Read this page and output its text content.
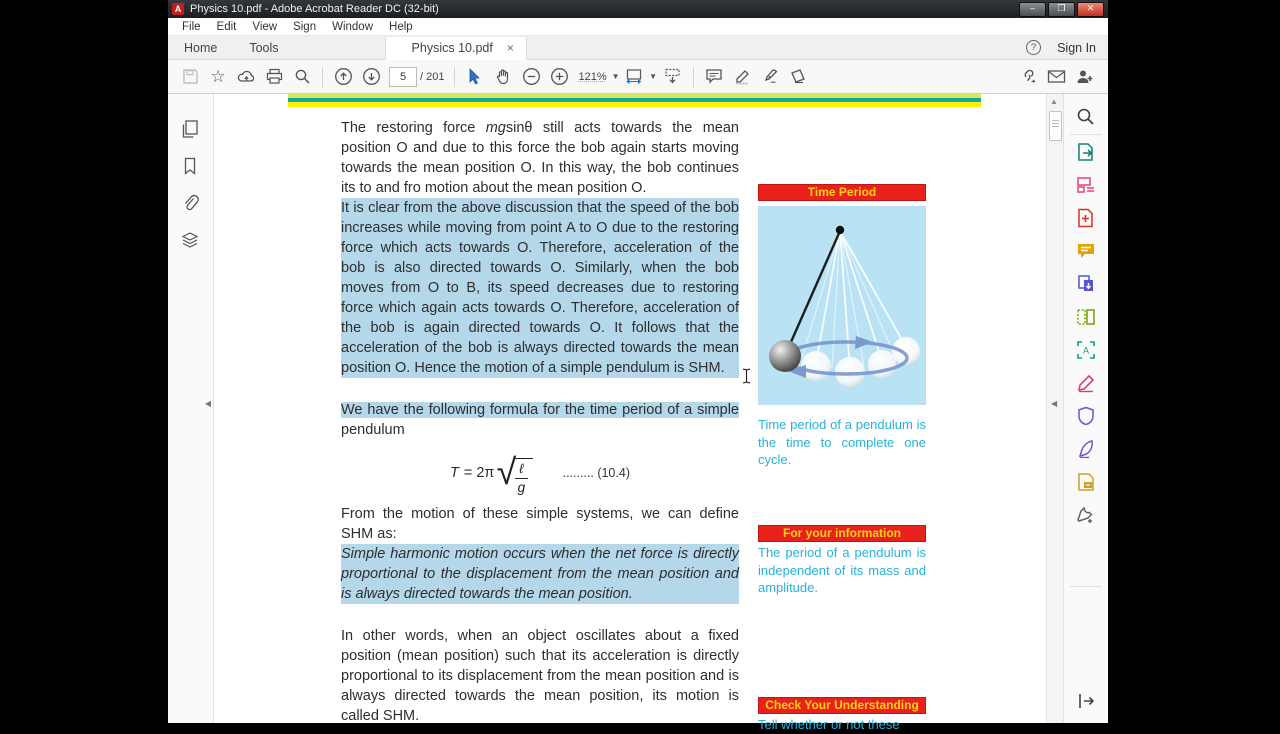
A Physics 10.pdf - Adobe Acrobat Reader DC (32-bit)	–	❐	✕
File	Edit	View	Sign	Window	Help
Home	Tools	Physics 10.pdf ×	?	Sign In
☆
5	/ 201	121% ▼	▼
◀

The restoring force mgsinθ still acts towards the mean position O and due to this force the bob again starts moving towards the mean position O. In this way, the bob continues its to and fro motion about the mean position O.

It is clear from the above discussion that the speed of the bob increases while moving from point A to O due to the restoring force which acts towards O. Therefore, acceleration of the bob is also directed towards O. Similarly, when the bob moves from O to B, its speed decreases due to restoring force which again acts towards O. Therefore, acceleration of the bob is again directed towards O. It follows that the acceleration of the bob is always directed towards the mean position O. Hence the motion of a simple pendulum is SHM.

We have the following formula for the time period of a simple pendulum

T = 2π √ ℓ
g
......... (10.4)

From the motion of these simple systems, we can define SHM as:

Simple harmonic motion occurs when the net force is directly proportional to the displacement from the mean position and is always directed towards the mean position.

In other words, when an object oscillates about a fixed position (mean position) such that its acceleration is directly proportional to its displacement from the mean position and is always directed towards the mean position, its motion is called SHM.

Time Period
Time period of a pendulum is the time to complete one cycle.
For your information
The period of a pendulum is independent of its mass and amplitude.
Check Your Understanding
Tell whether or not these
▲
◀
A
